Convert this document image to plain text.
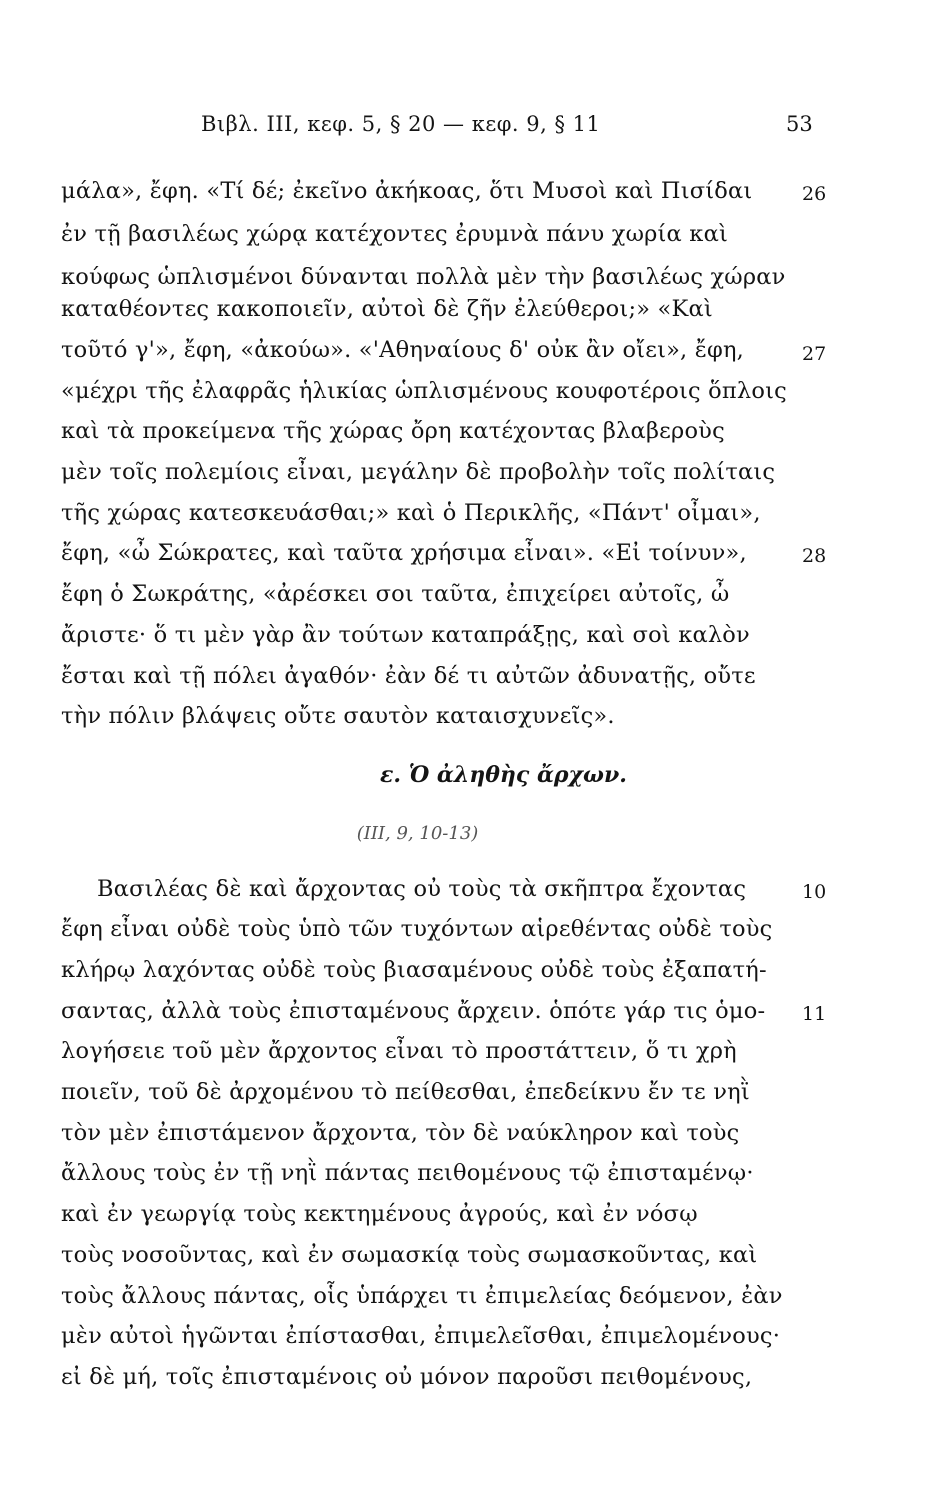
Βιβλ. III, κεφ. 5, § 20 — κεφ. 9, § 11	53
μάλα», ἔφη. «Τί δέ; ἐκεῖνο ἀκήκοας, ὅτι Μυσοὶ καὶ Πισίδαι
ἐν τῇ βασιλέως χώρᾳ κατέχοντες ἐρυμνὰ πάνυ χωρία καὶ
κούφως ὡπλισμένοι δύνανται πολλὰ μὲν τὴν βασιλέως χώραν
καταθέοντες κακοποιεῖν, αὐτοὶ δὲ ζῆν ἐλεύθεροι;» «Καὶ
τοῦτό γ'», ἔφη, «ἀκούω». «'Αθηναίους δ' οὐκ ἂν οἴει», ἔφη,
«μέχρι τῆς ἐλαφρᾶς ἡλικίας ὡπλισμένους κουφοτέροις ὅπλοις
καὶ τὰ προκείμενα τῆς χώρας ὄρη κατέχοντας βλαβεροὺς
μὲν τοῖς πολεμίοις εἶναι, μεγάλην δὲ προβολὴν τοῖς πολίταις
τῆς χώρας κατεσκευάσθαι;» καὶ ὁ Περικλῆς, «Πάντ' οἶμαι»,
ἔφη, «ὦ Σώκρατες, καὶ ταῦτα χρήσιμα εἶναι». «Εἰ τοίνυν»,
ἔφη ὁ Σωκράτης, «ἀρέσκει σοι ταῦτα, ἐπιχείρει αὐτοῖς, ὦ
ἄριστε· ὅ τι μὲν γὰρ ἂν τούτων καταπράξῃς, καὶ σοὶ καλὸν
ἔσται καὶ τῇ πόλει ἀγαθόν· ἐὰν δέ τι αὐτῶν ἀδυνατῇς, οὔτε
τὴν πόλιν βλάψεις οὔτε σαυτὸν καταισχυνεῖς».
26
27
28
ε. Ὁ ἀληθὴς ἄρχων.
(III, 9, 10-13)
Βασιλέας δὲ καὶ ἄρχοντας οὐ τοὺς τὰ σκῆπτρα ἔχοντας
ἔφη εἶναι οὐδὲ τοὺς ὑπὸ τῶν τυχόντων αἱρεθέντας οὐδὲ τοὺς
κλήρῳ λαχόντας οὐδὲ τοὺς βιασαμένους οὐδὲ τοὺς ἐξαπατή-
σαντας, ἀλλὰ τοὺς ἐπισταμένους ἄρχειν. ὁπότε γάρ τις ὁμο-
λογήσειε τοῦ μὲν ἄρχοντος εἶναι τὸ προστάττειν, ὅ τι χρὴ
ποιεῖν, τοῦ δὲ ἀρχομένου τὸ πείθεσθαι, ἐπεδείκνυ ἔν τε νηῒ
τὸν μὲν ἐπιστάμενον ἄρχοντα, τὸν δὲ ναύκληρον καὶ τοὺς
ἄλλους τοὺς ἐν τῇ νηῒ πάντας πειθομένους τῷ ἐπισταμένῳ·
καὶ ἐν γεωργίᾳ τοὺς κεκτημένους ἀγρούς, καὶ ἐν νόσῳ
τοὺς νοσοῦντας, καὶ ἐν σωμασκίᾳ τοὺς σωμασκοῦντας, καὶ
τοὺς ἄλλους πάντας, οἷς ὑπάρχει τι ἐπιμελείας δεόμενον, ἐὰν
μὲν αὐτοὶ ἡγῶνται ἐπίστασθαι, ἐπιμελεῖσθαι, ἐπιμελομένους·
εἰ δὲ μή, τοῖς ἐπισταμένοις οὐ μόνον παροῦσι πειθομένους,
10
11
